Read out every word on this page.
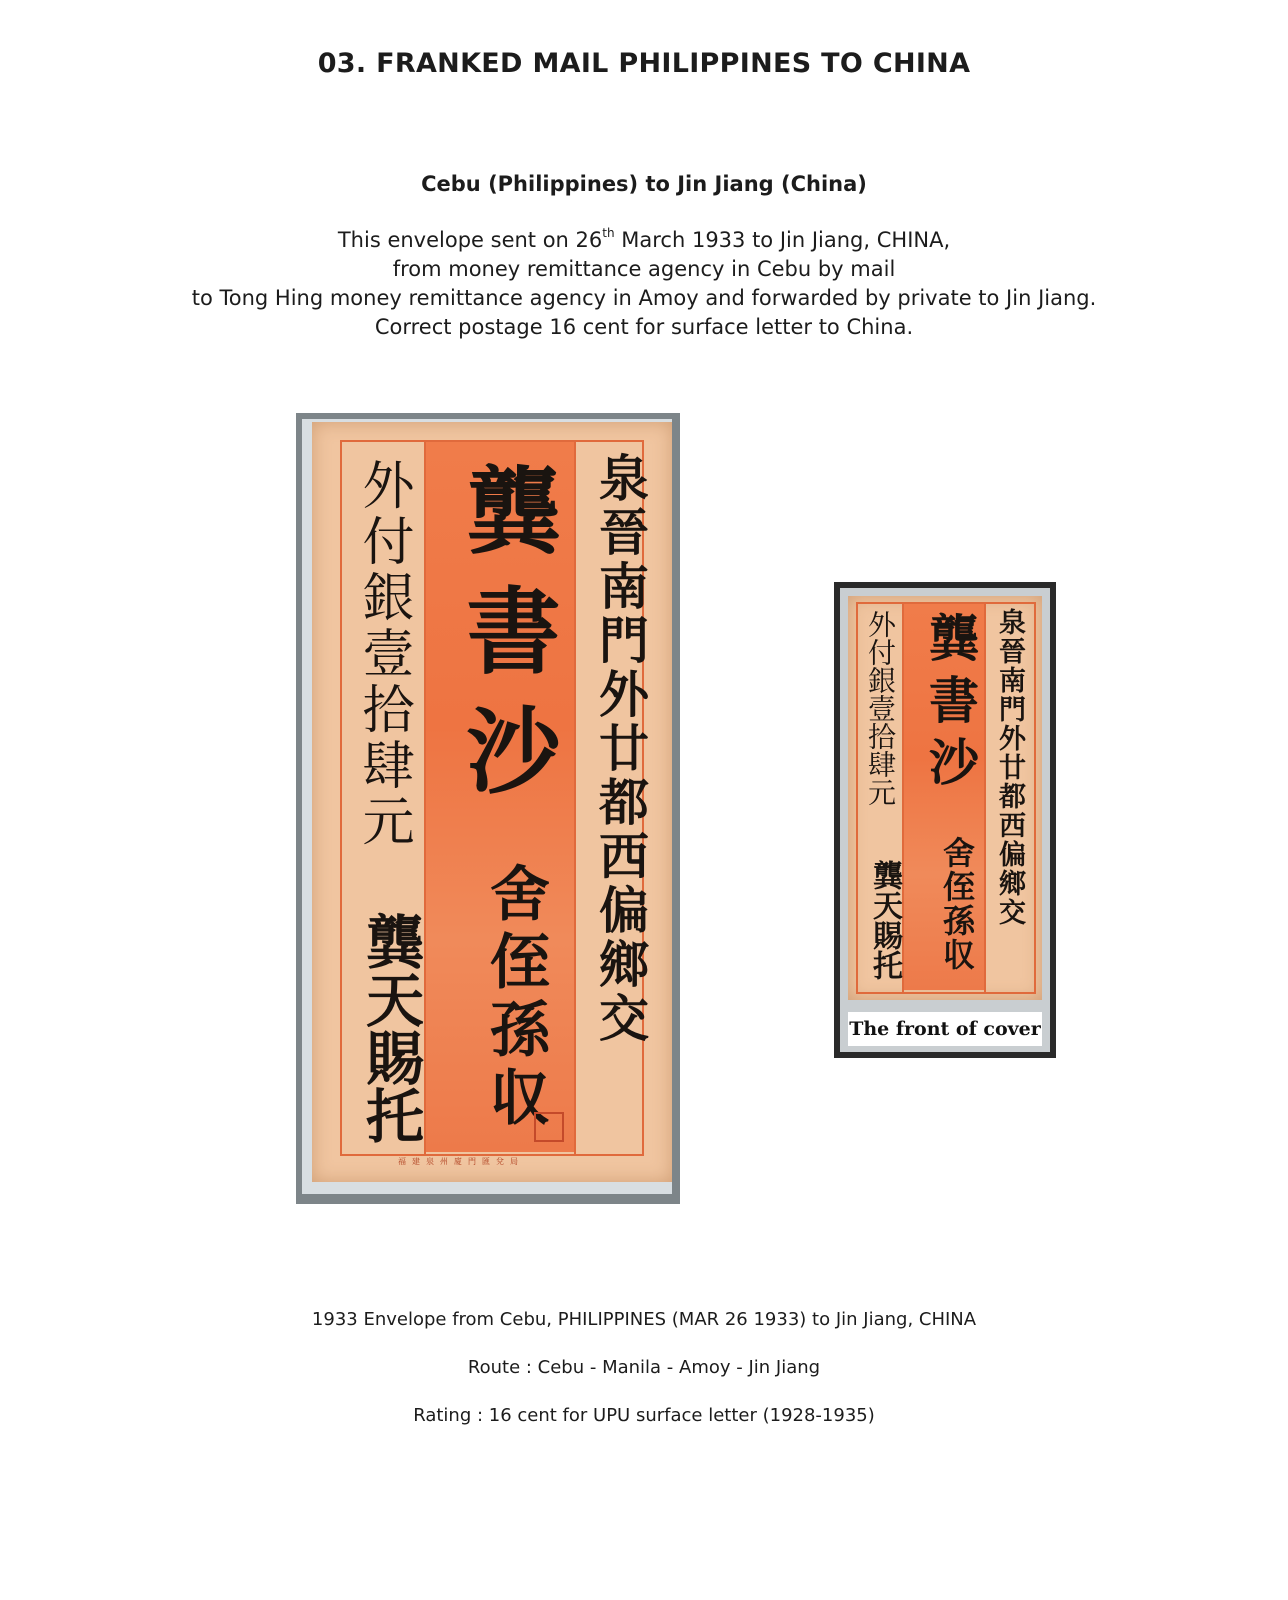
03. FRANKED MAIL PHILIPPINES TO CHINA
Cebu (Philippines) to Jin Jiang (China)
This envelope sent on 26th March 1933 to Jin Jiang, CHINA,
from money remittance agency in Cebu by mail
to Tong Hing money remittance agency in Amoy and forwarded by private to Jin Jiang.
Correct postage 16 cent for surface letter to China.
泉晉南門外廿都西偏鄉交
龔書沙
舍侄孫収
外付銀壹拾肆元
龔天賜托
福建泉州廈門匯兌局
泉晉南門外廿都西偏鄉交
龔書沙
舍侄孫収
外付銀壹拾肆元
龔天賜托
The front of cover
1933 Envelope from Cebu, PHILIPPINES (MAR 26 1933) to Jin Jiang, CHINA
Route : Cebu - Manila - Amoy - Jin Jiang
Rating : 16 cent for UPU surface letter (1928-1935)
